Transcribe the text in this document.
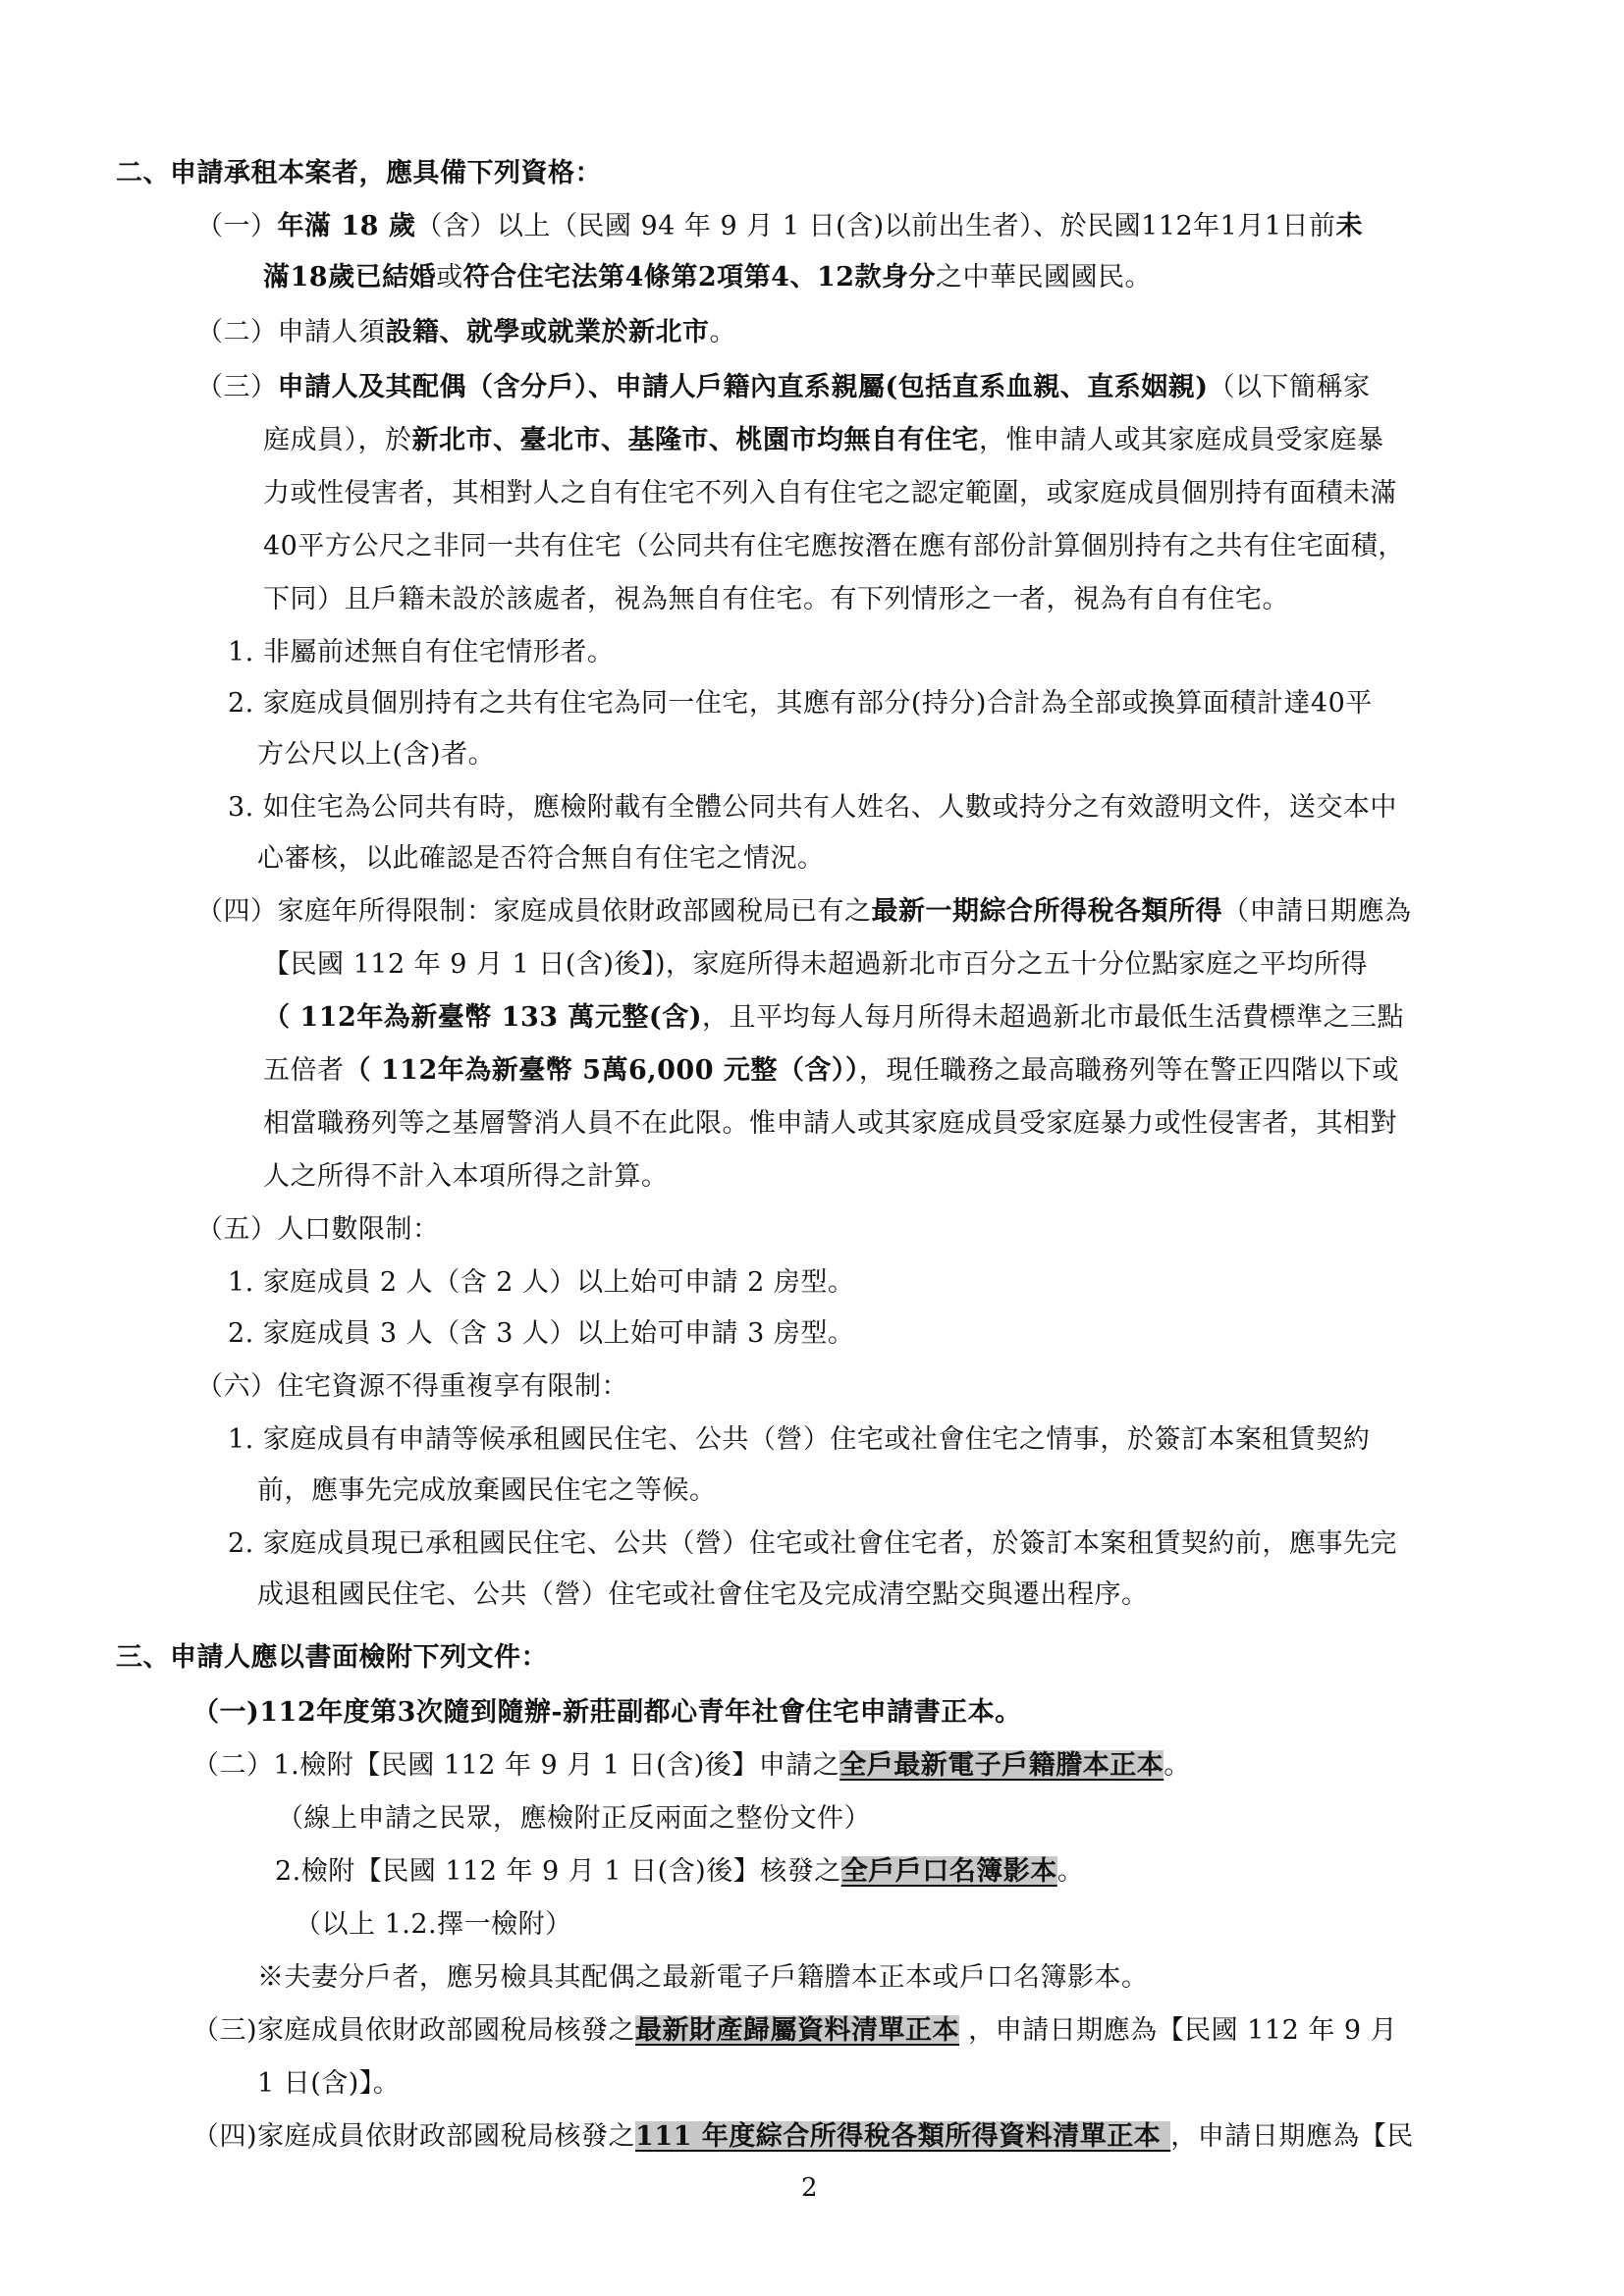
二、申請承租本案者，應具備下列資格：
（一）年滿 18 歲（含）以上（民國 94 年 9 月 1 日(含)以前出生者）、於民國112年1月1日前未
滿18歲已結婚或符合住宅法第4條第2項第4、12款身分之中華民國國民。
（二）申請人須設籍、就學或就業於新北市。
（三）申請人及其配偶（含分戶）、申請人戶籍內直系親屬(包括直系血親、直系姻親)（以下簡稱家
庭成員），於新北市、臺北市、基隆市、桃園市均無自有住宅，惟申請人或其家庭成員受家庭暴
力或性侵害者，其相對人之自有住宅不列入自有住宅之認定範圍，或家庭成員個別持有面積未滿
40平方公尺之非同一共有住宅（公同共有住宅應按潛在應有部份計算個別持有之共有住宅面積，
下同）且戶籍未設於該處者，視為無自有住宅。有下列情形之一者，視為有自有住宅。
1. 非屬前述無自有住宅情形者。
2. 家庭成員個別持有之共有住宅為同一住宅，其應有部分(持分)合計為全部或換算面積計達40平
方公尺以上(含)者。
3. 如住宅為公同共有時，應檢附載有全體公同共有人姓名、人數或持分之有效證明文件，送交本中
心審核，以此確認是否符合無自有住宅之情況。
（四）家庭年所得限制：家庭成員依財政部國稅局已有之最新一期綜合所得稅各類所得（申請日期應為
【民國 112 年 9 月 1 日(含)後】)，家庭所得未超過新北市百分之五十分位點家庭之平均所得
（ 112年為新臺幣 133 萬元整(含)，且平均每人每月所得未超過新北市最低生活費標準之三點
五倍者（ 112年為新臺幣 5萬6,000 元整（含）），現任職務之最高職務列等在警正四階以下或
相當職務列等之基層警消人員不在此限。惟申請人或其家庭成員受家庭暴力或性侵害者，其相對
人之所得不計入本項所得之計算。
（五）人口數限制：
1. 家庭成員 2 人（含 2 人）以上始可申請 2 房型。
2. 家庭成員 3 人（含 3 人）以上始可申請 3 房型。
（六）住宅資源不得重複享有限制：
1. 家庭成員有申請等候承租國民住宅、公共（營）住宅或社會住宅之情事，於簽訂本案租賃契約
前，應事先完成放棄國民住宅之等候。
2. 家庭成員現已承租國民住宅、公共（營）住宅或社會住宅者，於簽訂本案租賃契約前，應事先完
成退租國民住宅、公共（營）住宅或社會住宅及完成清空點交與遷出程序。
三、申請人應以書面檢附下列文件：
（一)112年度第3次隨到隨辦-新莊副都心青年社會住宅申請書正本。
（二）1.檢附【民國 112 年 9 月 1 日(含)後】申請之全戶最新電子戶籍謄本正本。
（線上申請之民眾，應檢附正反兩面之整份文件）
2.檢附【民國 112 年 9 月 1 日(含)後】核發之全戶戶口名簿影本。
（以上 1.2.擇一檢附）
※夫妻分戶者，應另檢具其配偶之最新電子戶籍謄本正本或戶口名簿影本。
（三)家庭成員依財政部國稅局核發之最新財產歸屬資料清單正本 ，申請日期應為【民國 112 年 9 月
1 日(含)】。
（四)家庭成員依財政部國稅局核發之111 年度綜合所得稅各類所得資料清單正本 ，申請日期應為【民
2
